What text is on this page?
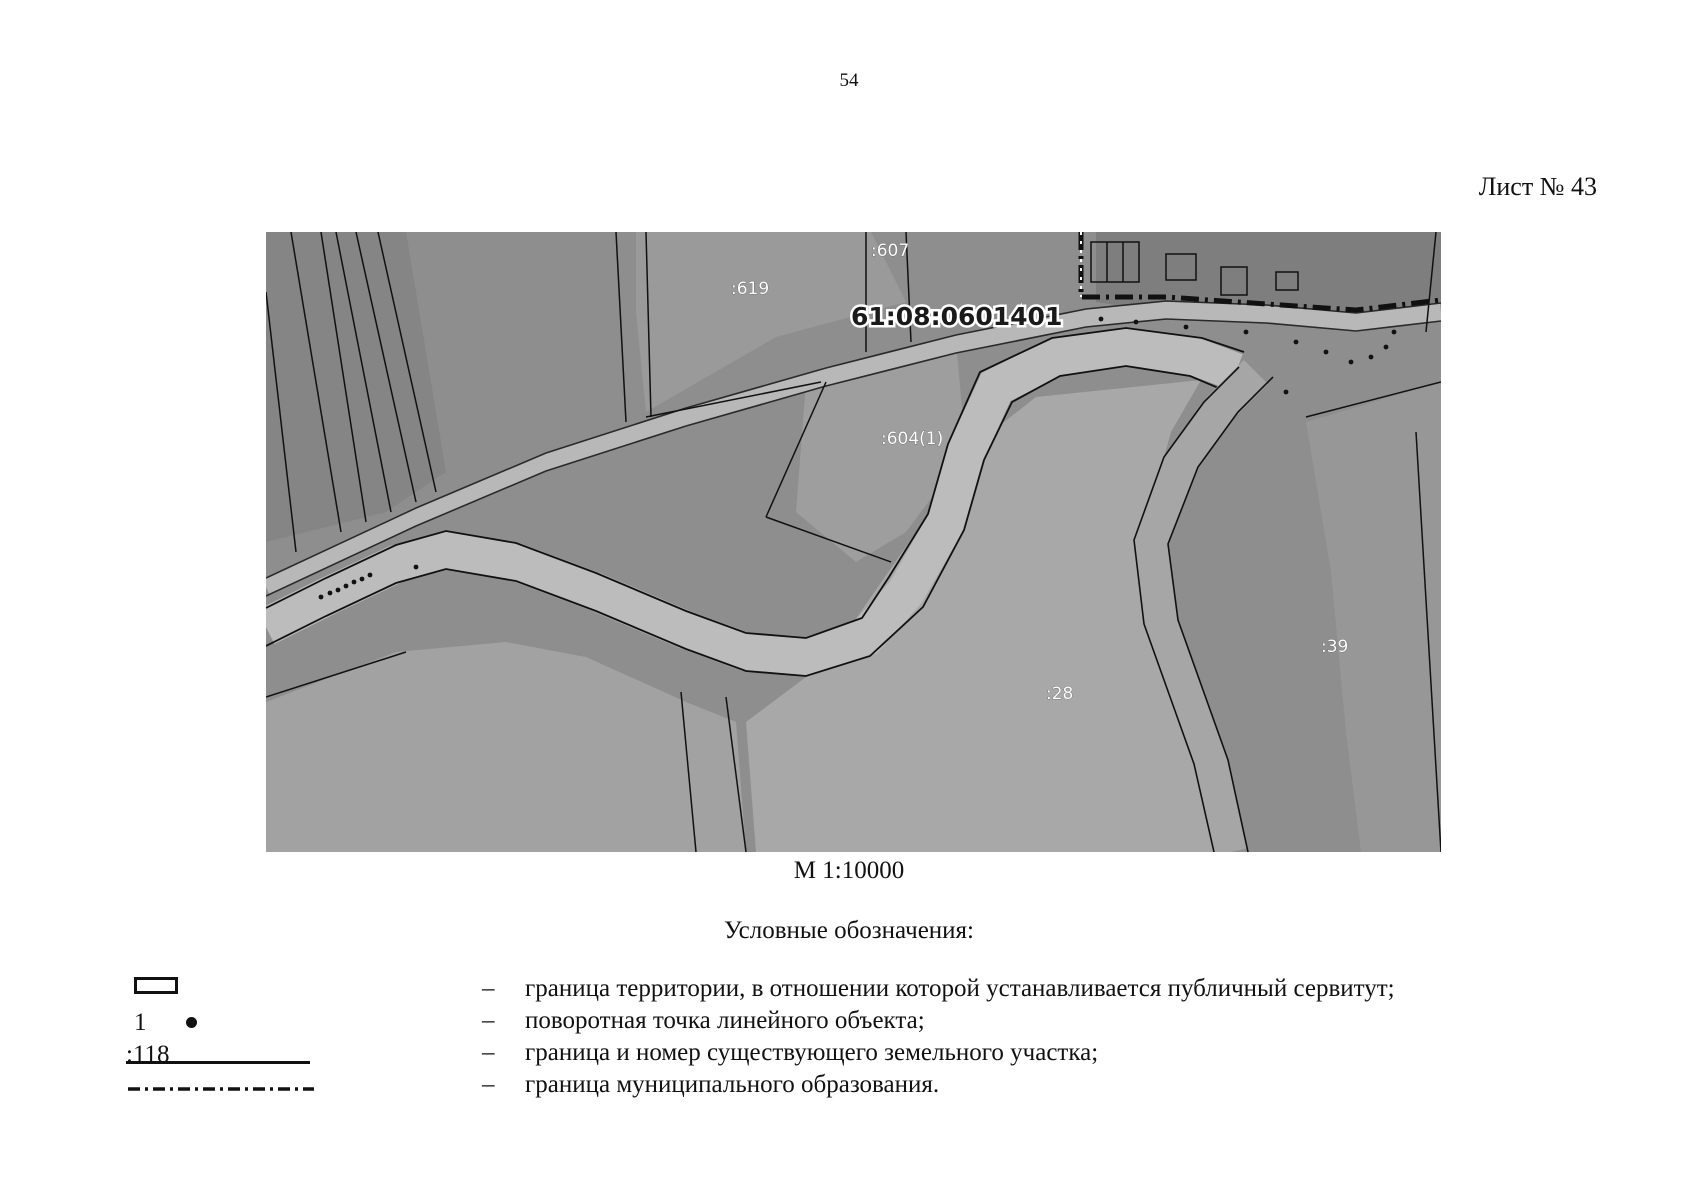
54
Лист № 43
:607
:619
:604(1)
:39
:28
61:08:0601401
М 1:10000
Условные обозначения:
– граница территории, в отношении которой устанавливается публичный сервитут;
1	– поворотная точка линейного объекта;
:118	– граница и номер существующего земельного участка;
– граница муниципального образования.
